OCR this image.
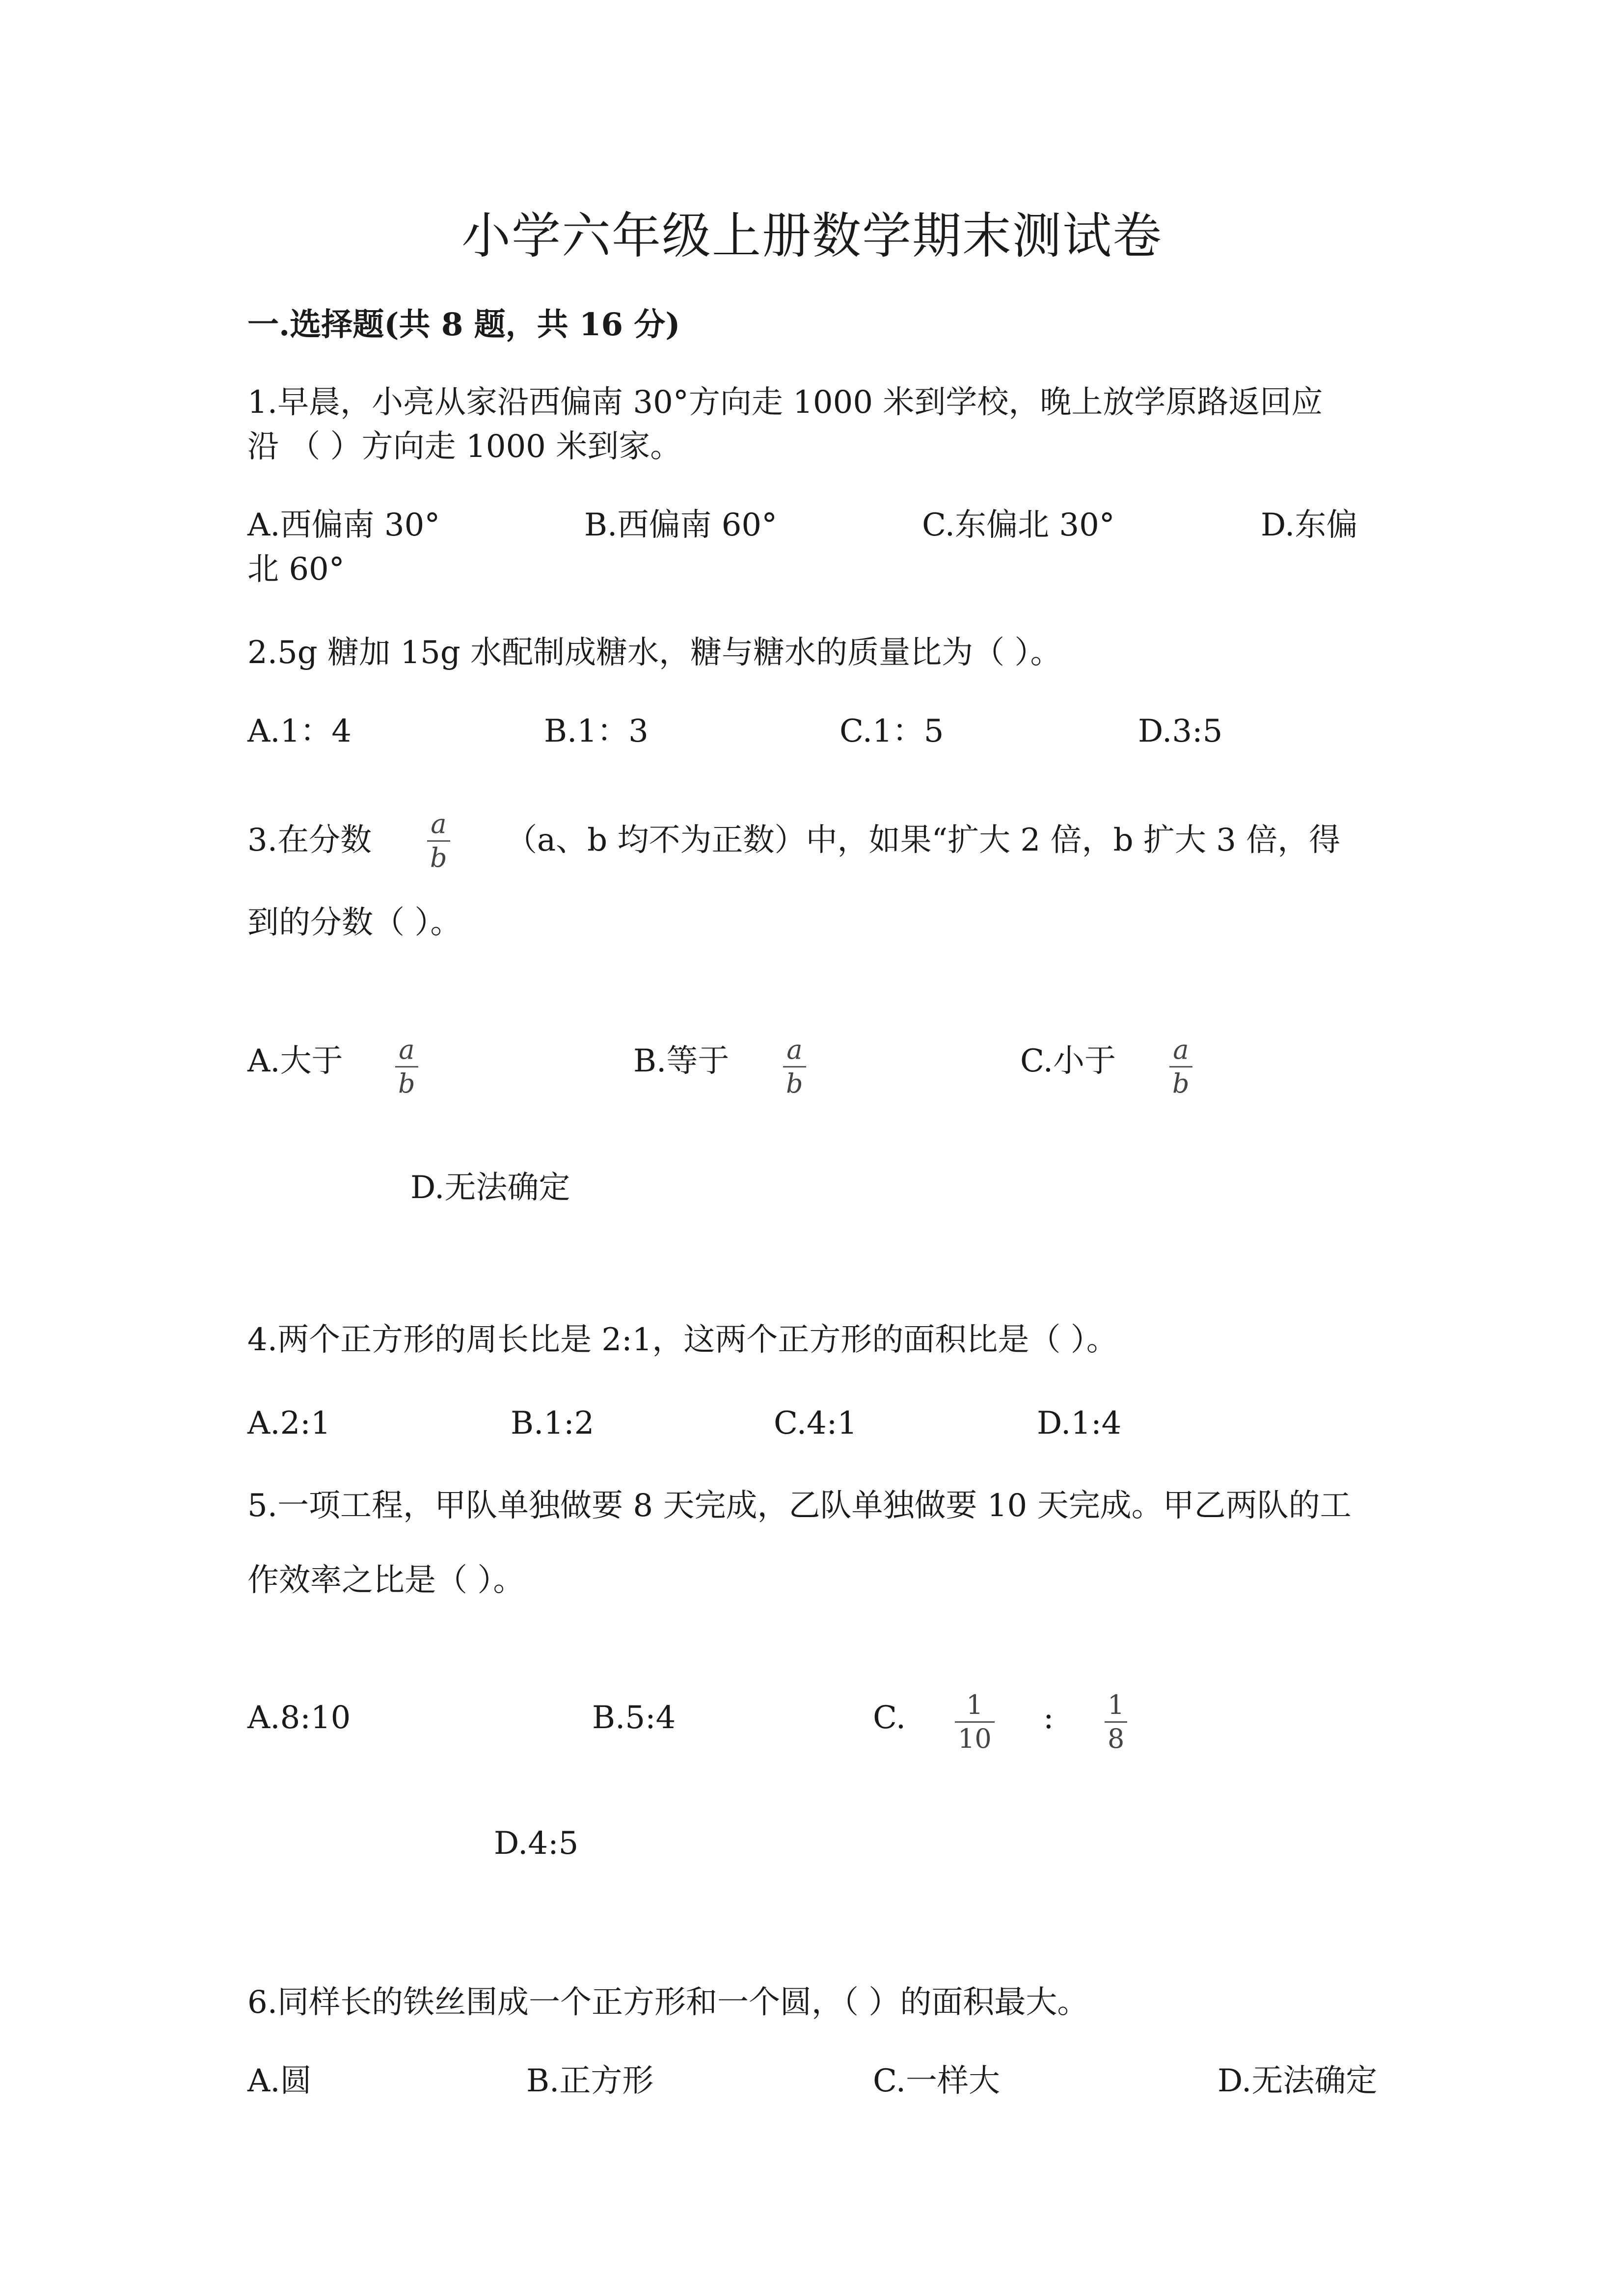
小学六年级上册数学期末测试卷
一.选择题(共 8 题，共 16 分)
1.早晨，小亮从家沿西偏南 30°方向走 1000 米到学校，晚上放学原路返回应
沿 （ ）方向走 1000 米到家。
A.西偏南 30°	B.西偏南 60°	C.东偏北 30°	D.东偏
北 60°
2.5g 糖加 15g 水配制成糖水，糖与糖水的质量比为（ ）。
A.1：4	B.1：3	C.1：5	D.3:5
3.在分数 a
b （a、b 均不为正数）中，如果“扩大 2 倍，b 扩大 3 倍，得
到的分数（ ）。
A.大于 a
b
B.等于 a
b
C.小于 a
b
D.无法确定
4.两个正方形的周长比是 2:1，这两个正方形的面积比是（ ）。
A.2:1	B.1:2	C.4:1	D.1:4
5.一项工程，甲队单独做要 8 天完成，乙队单独做要 10 天完成。甲乙两队的工
作效率之比是（ ）。
A.8:10	B.5:4	C. 1
10
: 1
8
D.4:5
6.同样长的铁丝围成一个正方形和一个圆，（ ）的面积最大。
A.圆	B.正方形	C.一样大	D.无法确定
